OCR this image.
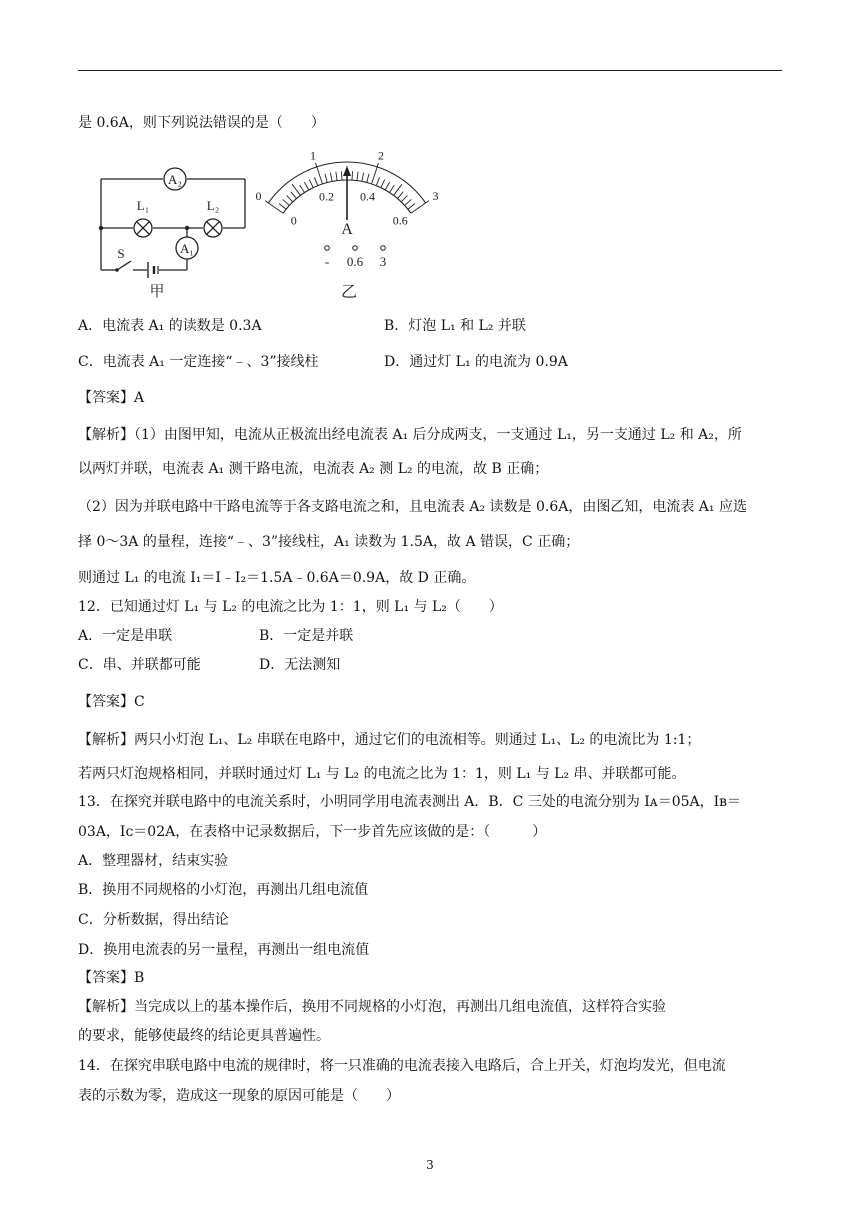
是 0.6A，则下列说法错误的是（　　）
A₂
A₁
L₁	L₂
S
甲
0
1	2
3
0
0.2 0.4
0.6
A
- 0.6 3
乙
A．电流表 A₁ 的读数是 0.3A	B．灯泡 L₁ 和 L₂ 并联
C．电流表 A₁ 一定连接“﹣、3”接线柱	D．通过灯 L₁ 的电流为 0.9A
【答案】A
【解析】（1）由图甲知，电流从正极流出经电流表 A₁ 后分成两支，一支通过 L₁，另一支通过 L₂ 和 A₂，所
以两灯并联，电流表 A₁ 测干路电流，电流表 A₂ 测 L₂ 的电流，故 B 正确；
（2）因为并联电路中干路电流等于各支路电流之和，且电流表 A₂ 读数是 0.6A，由图乙知，电流表 A₁ 应选
择 0～3A 的量程，连接“﹣、3”接线柱，A₁ 读数为 1.5A，故 A 错误，C 正确；
则通过 L₁ 的电流 I₁＝I﹣I₂＝1.5A﹣0.6A＝0.9A，故 D 正确。
12．已知通过灯 L₁ 与 L₂ 的电流之比为 1：1，则 L₁ 与 L₂（　　）
A．一定是串联	B．一定是并联
C．串、并联都可能	D．无法测知
【答案】C
【解析】两只小灯泡 L₁、L₂ 串联在电路中，通过它们的电流相等。则通过 L₁、L₂ 的电流比为 1:1；
若两只灯泡规格相同，并联时通过灯 L₁ 与 L₂ 的电流之比为 1：1，则 L₁ 与 L₂ 串、并联都可能。
13．在探究并联电路中的电流关系时，小明同学用电流表测出 A．B．C 三处的电流分别为 Iᴀ＝05A，Iʙ＝
03A，Iᴄ＝02A，在表格中记录数据后，下一步首先应该做的是：（　　　）
A．整理器材，结束实验
B．换用不同规格的小灯泡，再测出几组电流值
C．分析数据，得出结论
D．换用电流表的另一量程，再测出一组电流值
【答案】B
【解析】当完成以上的基本操作后，换用不同规格的小灯泡，再测出几组电流值，这样符合实验
的要求，能够使最终的结论更具普遍性。
14．在探究串联电路中电流的规律时，将一只准确的电流表接入电路后，合上开关，灯泡均发光，但电流
表的示数为零，造成这一现象的原因可能是（　　）
3
